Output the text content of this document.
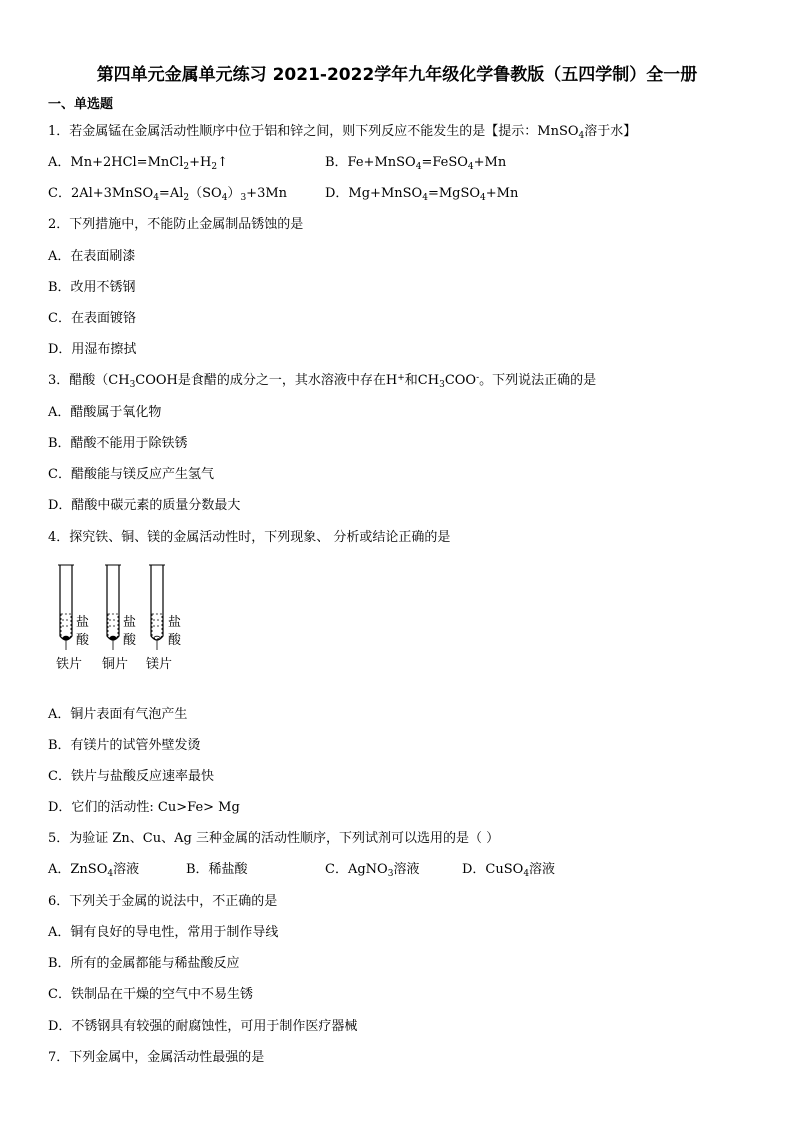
第四单元金属单元练习 2021-2022学年九年级化学鲁教版（五四学制）全一册
一、单选题
1．若金属锰在金属活动性顺序中位于铝和锌之间，则下列反应不能发生的是【提示：MnSO$_4$溶于水】
A．$Mn+2HCl=MnCl_2+H_2↑$	B．Fe+MnSO$_4$=FeSO$_4$+Mn
C．$2Al+3MnSO_4=Al_2(SO_4)_3+3Mn$	D．Mg+MnSO$_4$=MgSO$_4$+Mn
2．下列措施中，不能防止金属制品锈蚀的是
A．在表面刷漆
B．改用不锈钢
C．在表面镀铬
D．用湿布擦拭
3．醋酸（$CH_3COOH$是食醋的成分之一，其水溶液中存在H+和$CH_3COO^-$。下列说法正确的是
A．醋酸属于氧化物
B．醋酸不能用于除铁锈
C．醋酸能与镁反应产生氢气
D．醋酸中碳元素的质量分数最大
4．探究铁、铜、镁的金属活动性时，下列现象、 分析或结论正确的是
盐
酸
铁片
盐
酸
铜片
盐
酸
镁片
A．铜片表面有气泡产生
B．有镁片的试管外壁发烫
C．铁片与盐酸反应速率最快
D．它们的活动性: Cu>Fe> Mg
5．为验证 Zn、Cu、Ag 三种金属的活动性顺序，下列试剂可以选用的是（ ）
A．ZnSO$_4$溶液	B．稀盐酸	C．AgNO$_3$溶液	D．CuSO$_4$溶液
6．下列关于金属的说法中，不正确的是
A．铜有良好的导电性，常用于制作导线
B．所有的金属都能与稀盐酸反应
C．铁制品在干燥的空气中不易生锈
D．不锈钢具有较强的耐腐蚀性，可用于制作医疗器械
7．下列金属中，金属活动性最强的是
